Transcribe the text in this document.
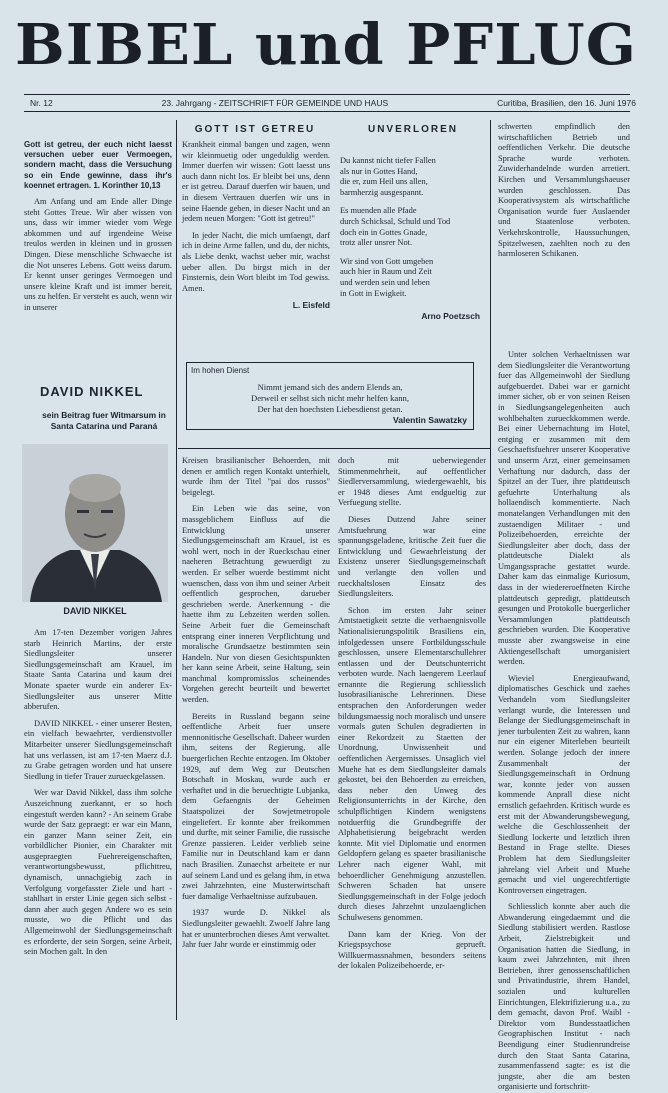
BIBEL und PFLUG
Nr. 12	23. Jahrgang - ZEITSCHRIFT FÜR GEMEINDE UND HAUS	Curitiba, Brasilien, den 16. Juni 1976

Gott ist getreu, der euch nicht laesst versuchen ueber euer Vermoegen, sondern macht, dass die Versuchung so ein Ende gewinne, dass ihr's koennet ertragen. 1. Korinther 10,13

Am Anfang und am Ende aller Dinge steht Gottes Treue. Wir aber wissen von uns, dass wir immer wieder vom Wege abkommen und auf irgendeine Weise treulos werden in kleinen und in grossen Dingen. Diese menschliche Schwaeche ist die Not unseres Lebens. Gott weiss darum. Er kennt unser geringes Vermoegen und unsere kleine Kraft und ist immer bereit, uns zu helfen. Er versteht es auch, wenn wir in unserer

GOTT IST GETREU

Krankheit einmal bangen und zagen, wenn wir kleinmuetig oder ungeduldig werden. Immer duerfen wir wissen: Gott laesst uns auch dann nicht los. Er bleibt bei uns, denn er ist getreu. Darauf duerfen wir bauen, und in diesem Vertrauen duerfen wir uns in seine Haende geben, in dieser Nacht und an jedem neuen Morgen: "Gott ist getreu!"

In jeder Nacht, die mich umfaengt, darf ich in deine Arme fallen, und du, der nichts, als Liebe denkt, wachst ueber mir, wachst ueber allen. Du birgst mich in der Finsternis, dein Wort bleibt im Tod gewiss. Amen.

L. Eisfeld

UNVERLOREN
Du kannst nicht tiefer Fallen
als nur in Gottes Hand,
die er, zum Heil uns allen,
barmherzig ausgespannt.
Es muenden alle Pfade
durch Schicksal, Schuld und Tod
doch ein in Gottes Gnade,
trotz aller unsrer Not.
Wir sind von Gott umgeben
auch hier in Raum und Zeit
und werden sein und leben
in Gott in Ewigkeit.
Arno Poetzsch
Im hohen Dienst
Nimmt jemand sich des andern Elends an,
Derweil er selbst sich nicht mehr helfen kann,
Der hat den hoechsten Liebesdienst getan.
Valentin Sawatzky

schwerten empfindlich den wirtschaftlichen Betrieb und oeffentlichen Verkehr. Die deutsche Sprache wurde verboten. Zuwiderhandelnde wurden arretiert. Kirchen und Versammlungshaeuser wurden geschlossen. Das Kooperativsystem als wirtschaftliche Organisation wurde fuer Auslaender und Staatenlose verboten. Verkehrskontrolle, Haussuchungen, Spitzelwesen, zaehlten noch zu den harmloseren Schikanen.

DAVID NIKKEL
sein Beitrag fuer Witmarsum in Santa Catarina und Paraná
DAVID NIKKEL

Am 17-ten Dezember vorigen Jahres starb Heinrich Martins, der erste Siedlungsleiter unserer Siedlungsgemeinschaft am Krauel, im Staate Santa Catarina und kaum drei Monate spaeter wurde ein anderer Ex-Siedlungsleiter aus unserer Mitte abberufen.

DAVID NIKKEL - einer unserer Besten, ein vielfach bewaehrter, verdienstvoller Mitarbeiter unserer Siedlungsgemeinschaft hat uns verlassen, ist am 17-ten Maerz d.J. zu Grabe getragen worden und hat unsere Siedlung in tiefer Trauer zurueckgelassen.

Wer war David Nikkel, dass ihm solche Auszeichnung zuerkannt, er so hoch eingestuft werden kann? - An seinem Grabe wurde der Satz gepraegt: er war ein Mann, ein ganzer Mann seiner Zeit, ein vorbildlicher Pionier, ein Charakter mit ausgepraegten Fuehrereigenschaften, verantwortungsbewusst, pflichttreu, dynamisch, unnachgiebig zach in Verfolgung vorgefasster Ziele und hart - stahlhart in erster Linie gegen sich selbst - dann aber auch gegen Andere wo es sein musste, wo die Pflicht und das Allgemeinwohl der Siedlungsgemeinschaft es erforderte, der sein Sorgen, seine Arbeit, sein Mochen galt. In den

Kreisen brasilianischer Behoerden, mit denen er amtlich regen Kontakt unterhielt, wurde ihm der Titel "pai dos russos" beigelegt.

Ein Leben wie das seine, von massgeblichem Einfluss auf die Entwicklung unserer Siedlungsgemeinschaft am Krauel, ist es wohl wert, noch in der Rueckschau einer naeheren Betrachtung gewuerdigt zu werden. Er selber wuerde bestimmt nicht wuenschen, dass von ihm und seiner Arbeit oeffentlich gesprochen, darueber geschrieben werde. Anerkennung - die haette ihm zu Lebzeiten werden sollen. Seine Arbeit fuer die Gemeinschaft entsprang einer inneren Verpflichtung und moralische Grundsaetze bestimmten sein Handeln. Nur von diesen Gesichtspunkten her kann seine Arbeit, seine Haltung, sein manchmal kompromisslos scheinendes Vorgehen gerecht beurteilt und bewertet werden.

Bereits in Russland begann seine oeffentliche Arbeit fuer unsere mennonitische Gesellschaft. Daheer wurden ihm, seitens der Regierung, alle buergerlichen Rechte entzogen. Im Oktober 1929, auf dem Weg zur Deutschen Botschaft in Moskau, wurde auch er verhaftet und in die beruechtigte Lubjanka, dem Gefaengnis der Geheimen Staatspolizei der Sowjetmetropole eingeliefert. Er konnte aber freikommen und durfte, mit seiner Familie, die russische Grenze passieren. Leider verblieb seine Familie nur in Deutschland kam er dann nach Brasilien. Zunaechst arbeitete er nur auf seinem Land und es gelang ihm, in etwa zwei Jahrzehnten, eine Musterwirtschaft fuer damalige Verhaeltnisse aufzubauen.

1937 wurde D. Nikkel als Siedlungsleiter gewaehlt. Zwoelf Jahre lang hat er ununterbrochen dieses Amt verwaltet. Jahr fuer Jahr wurde er einstimmig oder

doch mit ueberwiegender Stimmenmehrheit, auf oeffentlicher Siedlerversammlung, wiedergewaehlt, bis er 1948 dieses Amt endgueltig zur Verfuegung stellte.

Dieses Dutzend Jahre seiner Amtsfuehrung war eine spannungsgeladene, kritische Zeit fuer die Entwicklung und Gewaehrleistung der Existenz unserer Siedlungsgemeinschaft und verlangte den vollen und rueckhaltslosen Einsatz des Siedlungsleiters.

Schon im ersten Jahr seiner Amtstaetigkeit setzte die verhaengnisvolle Nationalisierungspolitik Brasiliens ein, infolgedessen unsere Fortbildungsschule geschlossen, unsere Elementarschullehrer entlassen und der Deutschunterricht verboten wurde. Nach laengerem Leerlauf ernannte die Regierung schliesslich lusobrasilianische Lehrerinnen. Diese entsprachen den Anforderungen weder bildungsmaessig noch moralisch und unsere vormals guten Schulen degradierten in einer Rekordzeit zu Staetten der Unordnung, Unwissenheit und oeffentlichen Aergernisses. Unsaglich viel Muehe hat es dem Siedlungsleiter damals gekostet, bei den Behoerden zu erreichen, dass neber den Unweg des Religionsunterrichts in der Kirche, den schulpflichtigen Kindern wenigstens notduerftig die Grundbegriffe der Alphabetisierung beigebracht werden konnte. Mit viel Diplomatie und enormen Geldopfern gelang es spaeter brasilianische Lehrer nach eigener Wahl, mit behoerdlicher Genehmigung anzustellen. Schweren Schaden hat unsere Siedlungsgemeinschaft in der Folge jedoch durch dieses Jahrzehnt unzulaenglichen Schulwesens genommen.

Dann kam der Krieg. Von der Kriegspsychose geprueft. Willkuermassnahmen, besonders seitens der lokalen Polizeibehoerde, er-

Unter solchen Verhaeltnissen war dem Siedlungsleiter die Verantwortung fuer das Allgemeinwohl der Siedlung aufgebuerdet. Dabei war er garnicht immer sicher, ob er von seinen Reisen in Siedlungsangelegenheiten auch wohlbehalten zurueckkommen werde. Bei einer Uebernachtung im Hotel, entging er zusammen mit dem Geschaeftsfuehrer unserer Kooperative und unserm Arzt, einer gemeinsamen Verhaftung nur dadurch, dass der Spitzel an der Tuer, ihre plattdeutsch gefuehrte Unterhaltung als hollaendisch kommentierte. Nach monatelangen Verhandlungen mit den zustaendigen Militaer - und Polizeibehoerden, erreichte der Siedlungsleiter aber doch, dass der plattdeutsche Dialekt als Umgangssprache gestattet wurde. Daher kam das einmalige Kuriosum, dass in der wiedereroeffneten Kirche plattdeutsch gepredigt, plattdeutsch gesungen und Protokolle buergerlicher Versammlungen plattdeutsch geschrieben wurden. Die Kooperative musste aber zwangsweise in eine Aktiengesellschaft umorganisiert werden.

Wieviel Energieaufwand, diplomatisches Geschick und zaehes Verhandeln vom Siedlungsleiter verlangt wurde, die Interessen und Belange der Siedlungsgemeinschaft in jener turbulenten Zeit zu wahren, kann nur ein eigener Miterleben beurteilt werden. Solange jedoch der innere Zusammenhalt der Siedlungsgemeinschaft in Ordnung war, konnte jeder von aussen kommende Anprall diese nicht ernstlich gefaehrden. Kritisch wurde es erst mit der Abwanderungsbewegung, welche die Geschlossenheit der Siedlung lockerte und letztlich ihren Bestand in Frage stellte. Dieses Problem hat dem Siedlungsleiter jahrelang viel Arbeit und Muehe gemacht und viel ungerechtfertigte Kontroversen eingetragen.

Schliesslich konnte aber auch die Abwanderung eingedaemmt und die Siedlung stabilisiert werden. Rastlose Arbeit, Zielstrebigkeit und Organisation hatten die Siedlung, in kaum zwei Jahrzehnten, mit ihren Betrieben, ihrer genossenschaftlichen und Privatindustrie, ihrem Handel, sozialen und kulturellen Einrichtungen, Elektrifizierung u.a., zu dem gemacht, davon Prof. Waibl - Direktor vom Bundesstaatlichen Geographischen Institut - nach Beendigung einer Studienrundreise durch den Staat Santa Catarina, zusammenfassend sagte: es ist die jungste, aber die am besten organisierte und fortschritt-
